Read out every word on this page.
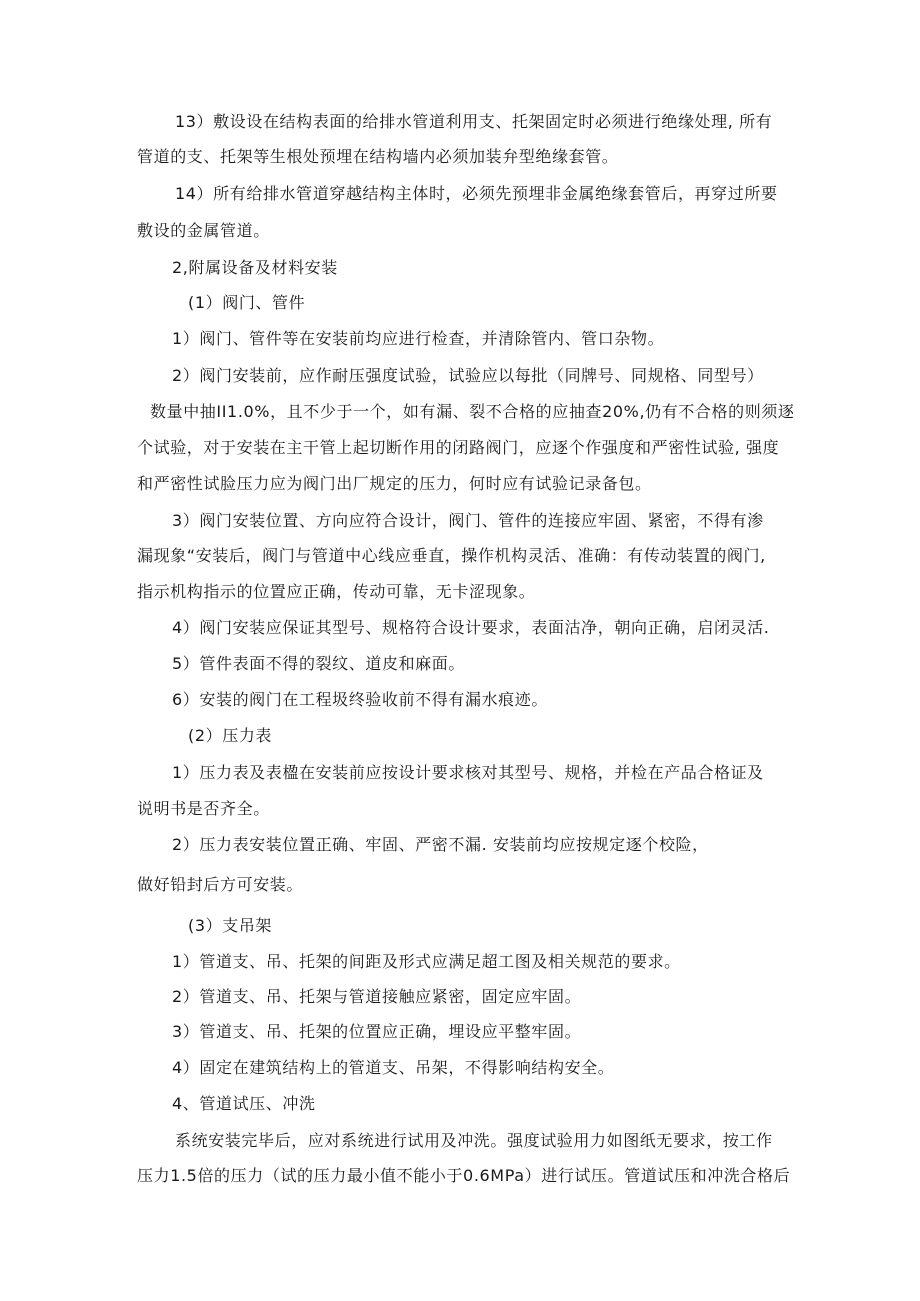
13）敷设设在结构表面的给排水管道利用支、托架固定时必须进行绝缘处理, 所有
管道的支、托架等生根处预埋在结构墙内必须加装弁型绝缘套管。
14）所有给排水管道穿越结构主体时，必须先预埋非金属绝缘套管后，再穿过所要
敷设的金属管道。
2,附属设备及材料安装
(1）阀门、管件
1）阀门、管件等在安装前均应进行检查，并清除管内、管口杂物。
2）阀门安装前，应作耐压强度试验，试验应以每批（同牌号、同规格、同型号）
数量中抽II1.0%，且不少于一个，如有漏、裂不合格的应抽查20%,仍有不合格的则须逐
个试验，对于安装在主干管上起切断作用的闭路阀门，应逐个作强度和严密性试验, 强度
和严密性试脸压力应为阀门出厂规定的压力，何时应有试验记录备包。
3）阀门安装位置、方向应符合设计，阀门、管件的连接应牢固、紧密，不得有渗
漏现象“安装后，阀门与管道中心线应垂直，操作机构灵活、准确：有传动装置的阀门,
指示机构指示的位置应正确，传动可靠，无卡涩现象。
4）阀门安装应保证其型号、规格符合设计要求，表面沽净，朝向正确，启闭灵活.
5）管件表面不得的裂纹、道皮和麻面。
6）安装的阀门在工程圾终验收前不得有漏水痕迹。
(2）压力表
1）压力表及表楹在安装前应按设计要求核对其型号、规格，并检在产品合格证及
说明书是否齐全。
2）压力表安装位置正确、牢固、严密不漏. 安装前均应按规定逐个校险，
做好铅封后方可安装。
(3）支吊架
1）管道支、吊、托架的间距及形式应满足超工图及相关规范的要求。
2）管道支、吊、托架与管道接触应紧密，固定应牢固。
3）管道支、吊、托架的位置应正确，埋设应平整牢固。
4）固定在建筑结构上的管道支、吊架，不得影响结构安全。
4、管道试压、冲洗
系统安装完毕后，应对系统进行试用及冲洗。强度试验用力如图纸无要求，按工作
压力1.5倍的压力（试的压力最小值不能小于0.6MPa）进行试压。管道试压和冲洗合格后
